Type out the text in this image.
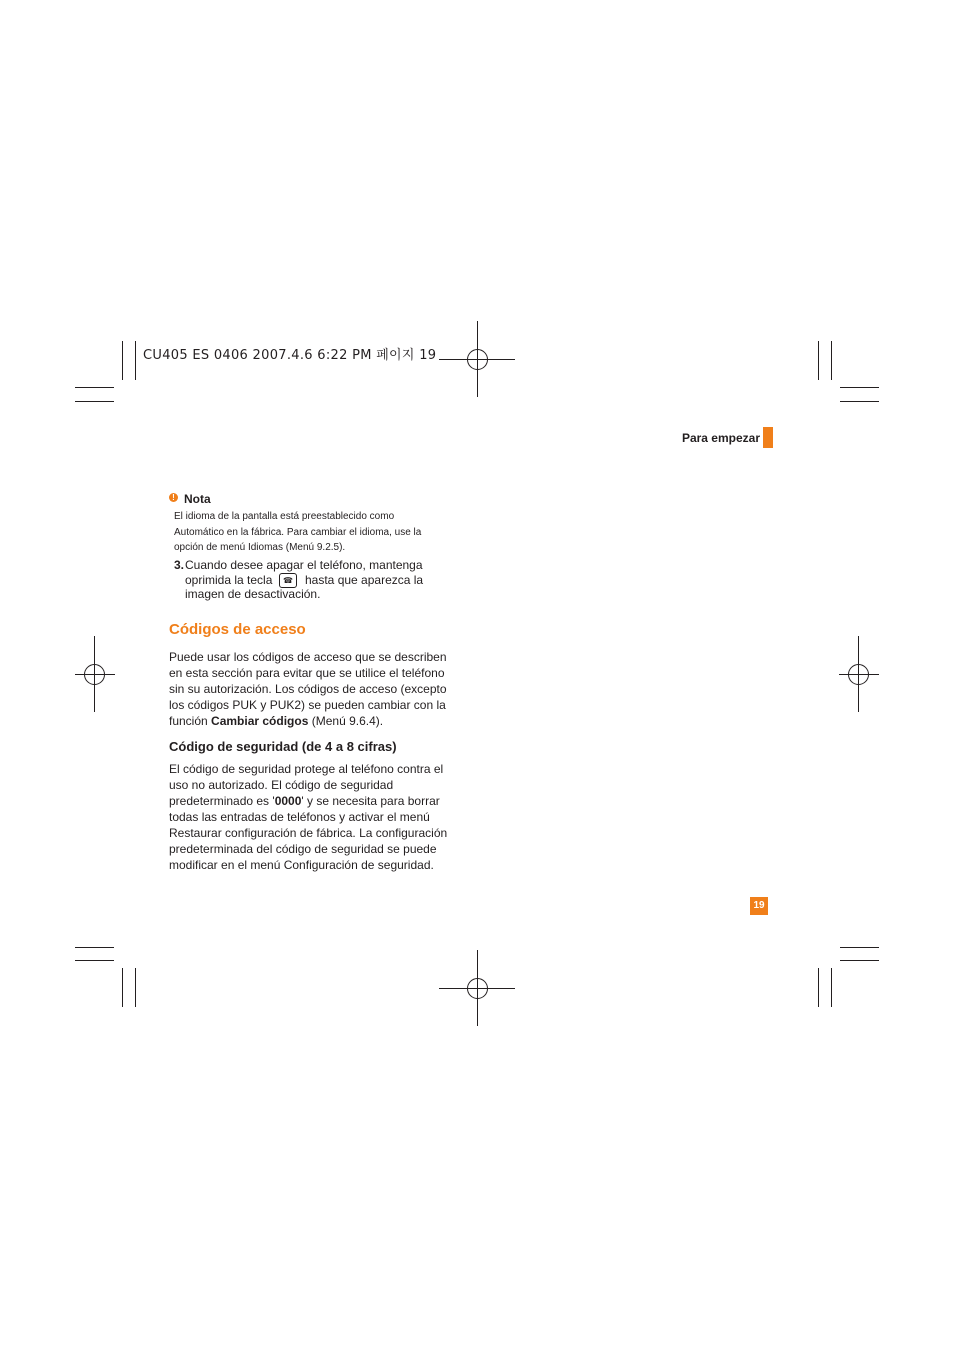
CU405 ES 0406 2007.4.6 6:22 PM 페이지 19
Para empezar
! Nota
El idioma de la pantalla está preestablecido como
Automático en la fábrica. Para cambiar el idioma, use la
opción de menú Idiomas (Menú 9.2.5).
3. Cuando desee apagar el teléfono, mantenga
oprimida la tecla	☎	hasta que aparezca la
imagen de desactivación.
Códigos de acceso
Puede usar los códigos de acceso que se describen
en esta sección para evitar que se utilice el teléfono
sin su autorización. Los códigos de acceso (excepto
los códigos PUK y PUK2) se pueden cambiar con la
función Cambiar códigos (Menú 9.6.4).
Código de seguridad (de 4 a 8 cifras)
El código de seguridad protege al teléfono contra el
uso no autorizado. El código de seguridad
predeterminado es '0000' y se necesita para borrar
todas las entradas de teléfonos y activar el menú
Restaurar configuración de fábrica. La configuración
predeterminada del código de seguridad se puede
modificar en el menú Configuración de seguridad.
19
